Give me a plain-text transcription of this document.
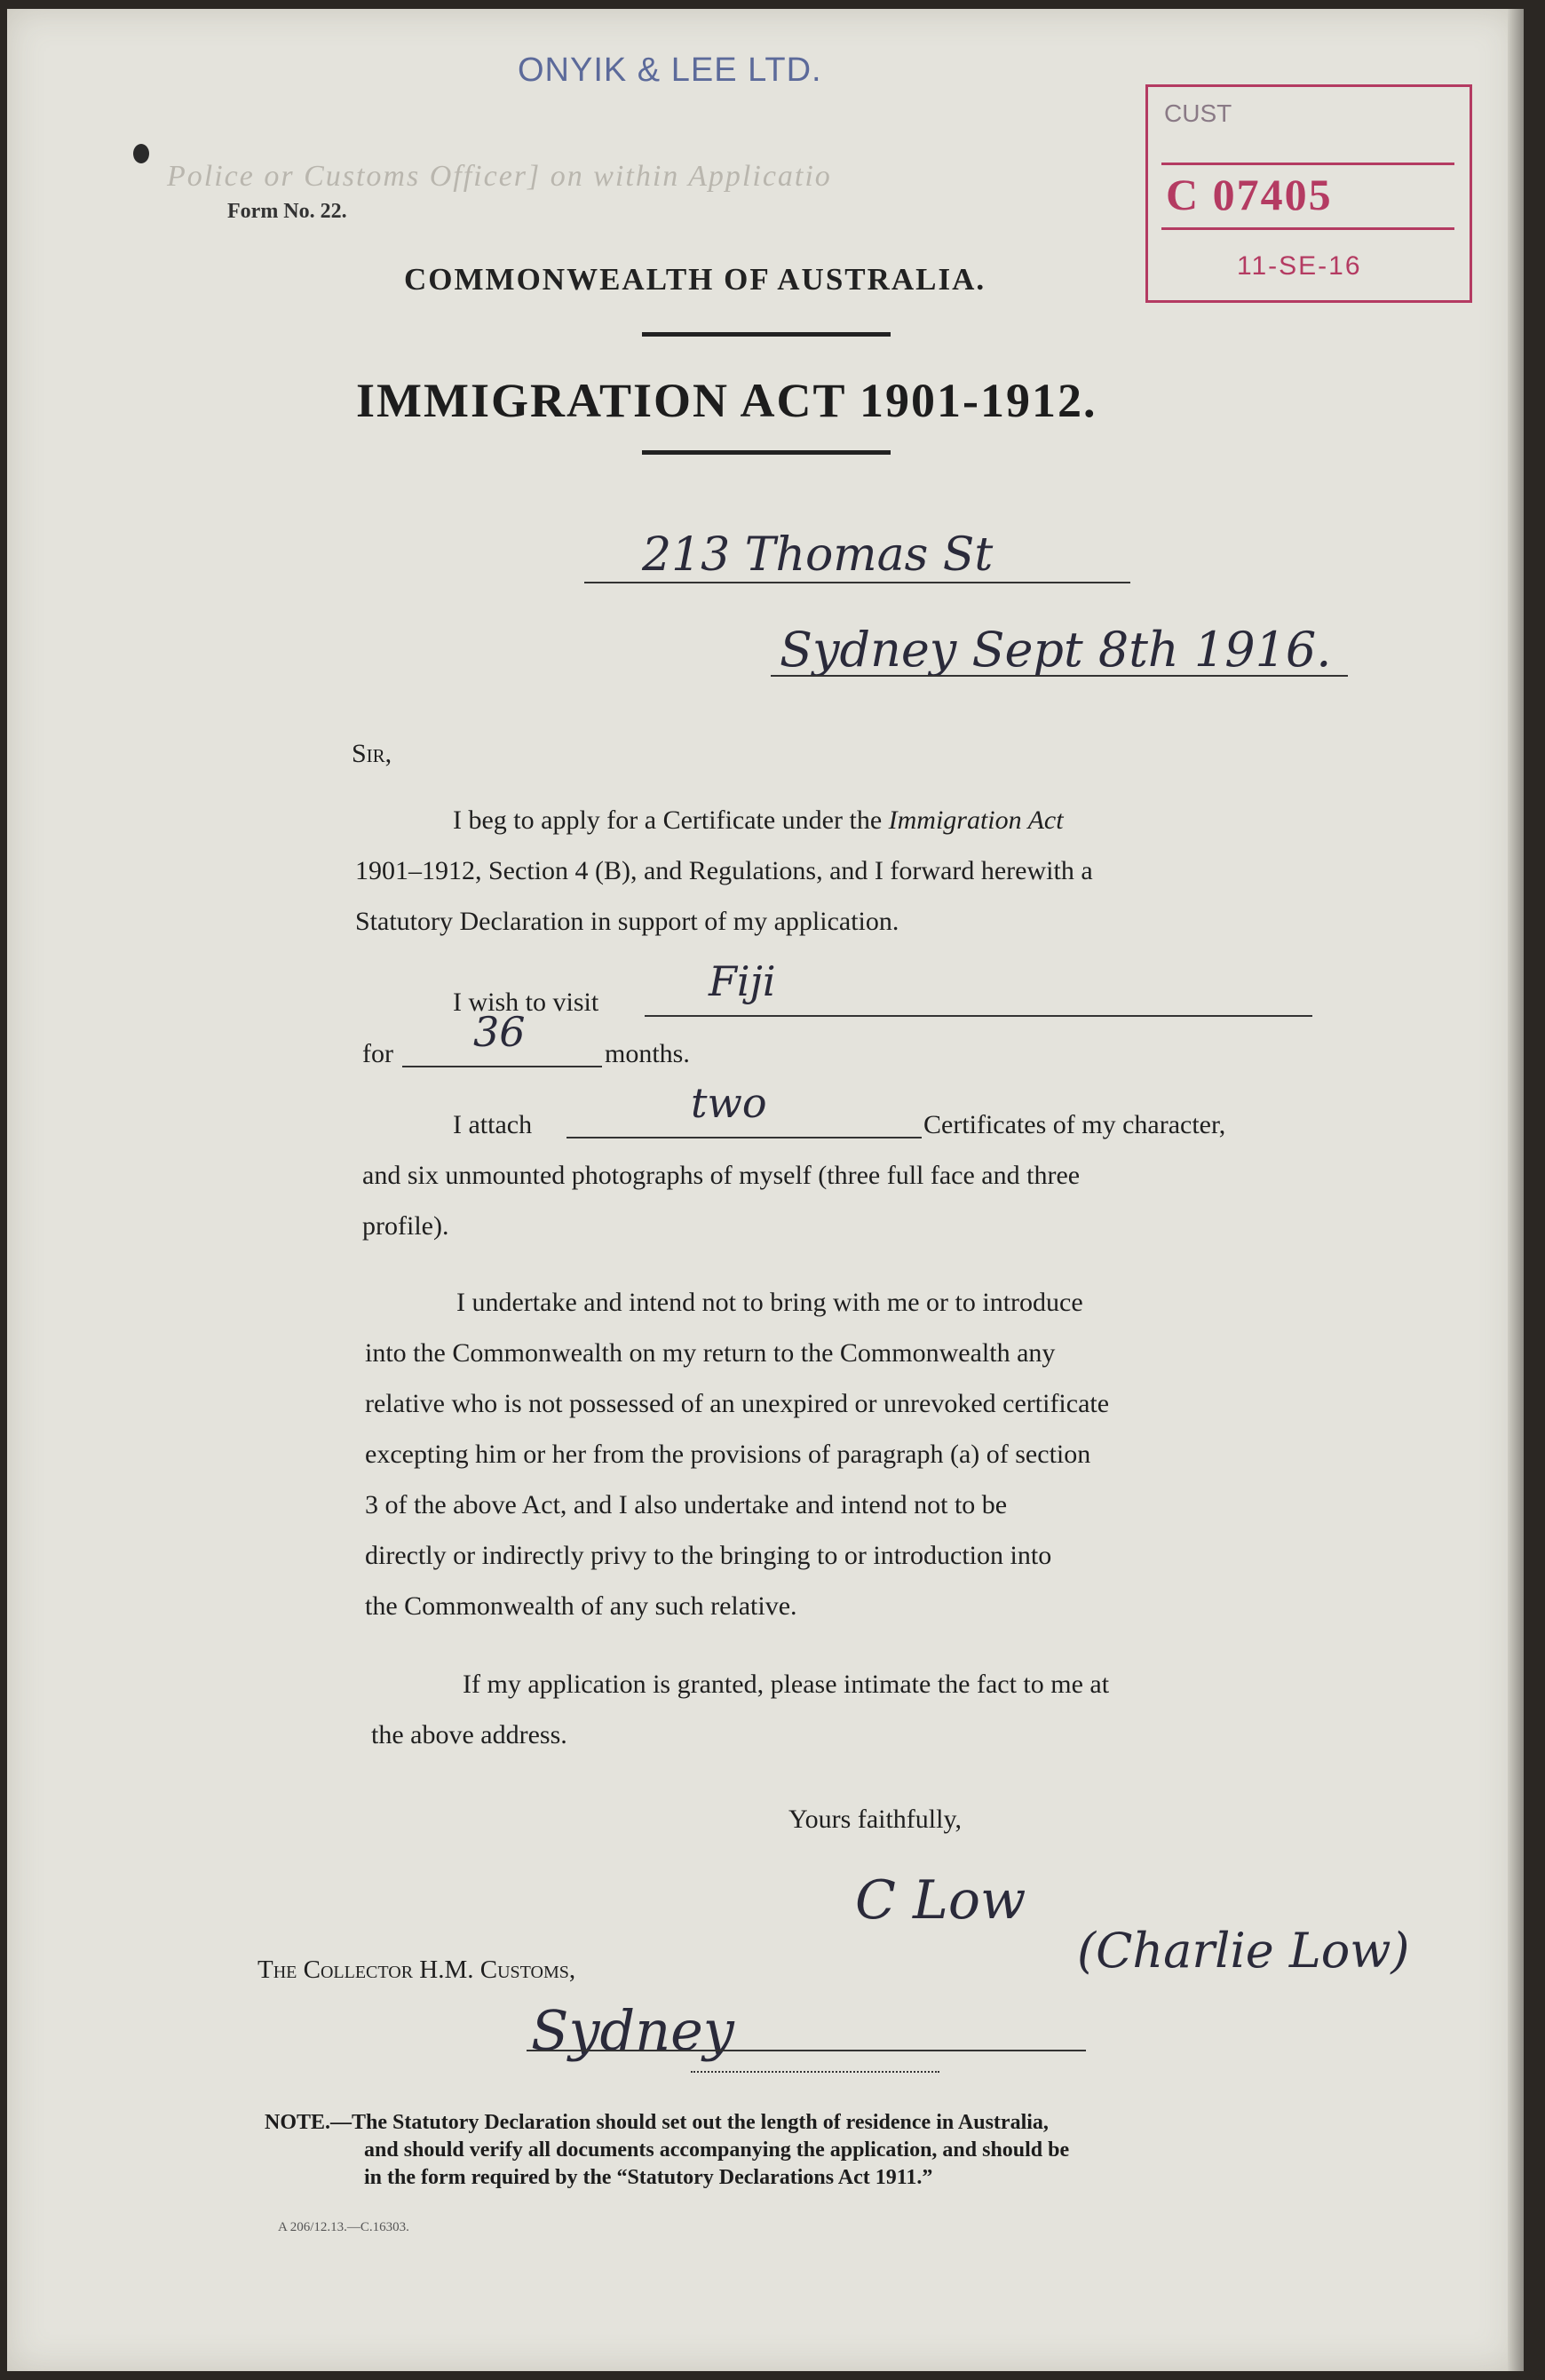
ONYIK & LEE LTD.
Police or Customs Officer] on within Applicatio
Form No. 22.
CUST
C 07405
11-SE-16
COMMONWEALTH OF AUSTRALIA.
IMMIGRATION ACT 1901-1912.
213 Thomas St
Sydney Sept 8th 1916.
Sir,
I beg to apply for a Certificate under the Immigration Act
1901–1912, Section 4 (B), and Regulations, and I forward herewith a
Statutory Declaration in support of my application.
I wish to visit	Fiji
for 36	months.
I attach	two	Certificates of my character,
and six unmounted photographs of myself (three full face and three
profile).
I undertake and intend not to bring with me or to introduce
into the Commonwealth on my return to the Commonwealth any
relative who is not possessed of an unexpired or unrevoked certificate
excepting him or her from the provisions of paragraph (a) of section
3 of the above Act, and I also undertake and intend not to be
directly or indirectly privy to the bringing to or introduction into
the Commonwealth of any such relative.
If my application is granted, please intimate the fact to me at
the above address.
Yours faithfully,
C Low
(Charlie Low)
The Collector H.M. Customs,
Sydney
NOTE.—The Statutory Declaration should set out the length of residence in Australia,
and should verify all documents accompanying the application, and should be
in the form required by the “Statutory Declarations Act 1911.”
A 206/12.13.—C.16303.
